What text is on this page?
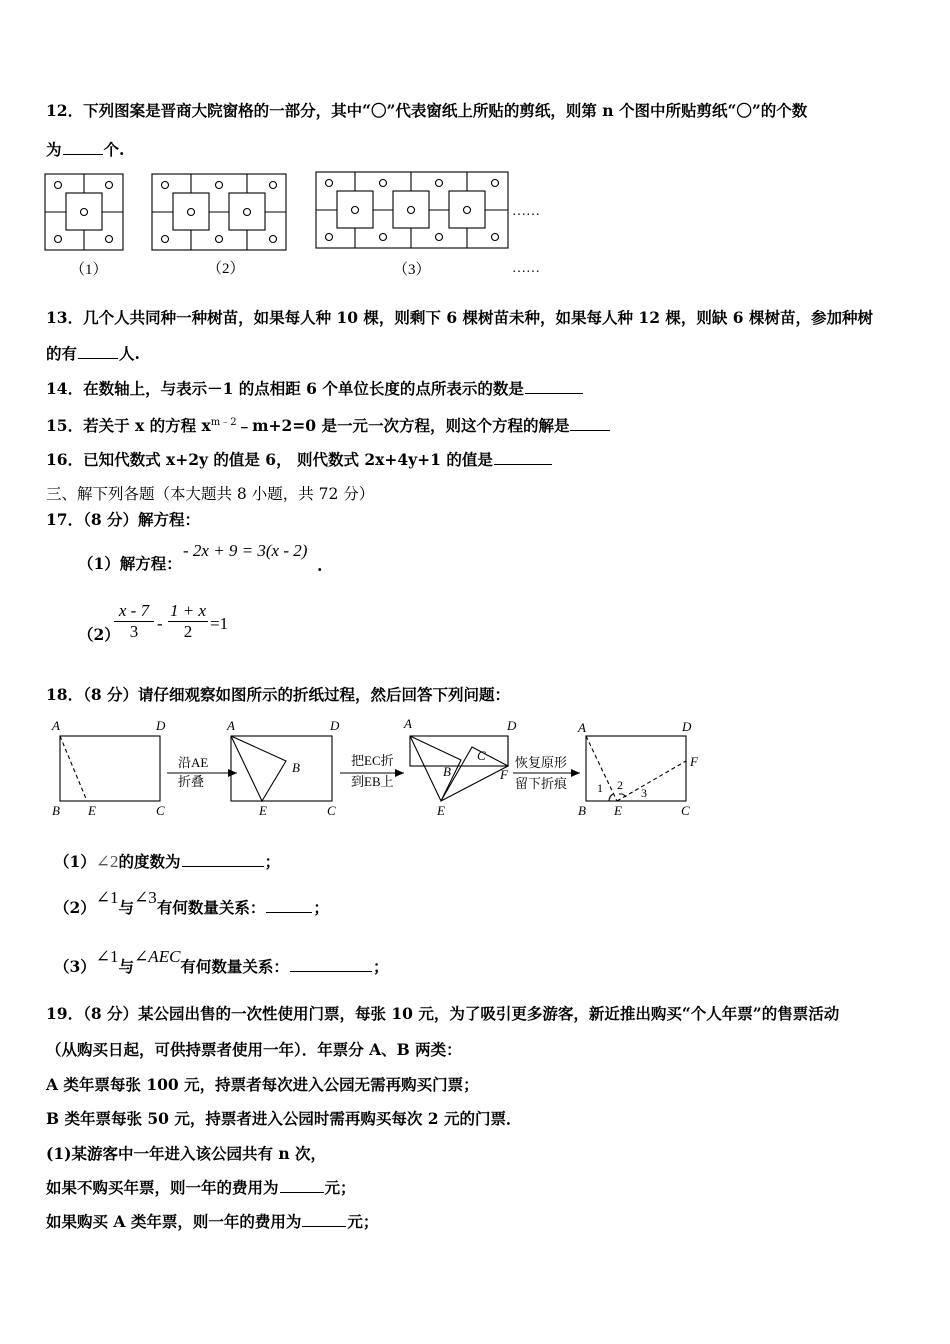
12．下列图案是晋商大院窗格的一部分，其中“〇”代表窗纸上所贴的剪纸，则第 n 个图中所贴剪纸“〇”的个数
为	个.
（1）	（2）	（3）
……
……
13．几个人共同种一种树苗，如果每人种 10 棵，则剩下 6 棵树苗未种，如果每人种 12 棵，则缺 6 棵树苗，参加种树
的有	人.
14．在数轴上，与表示－1 的点相距 6 个单位长度的点所表示的数是
15．若关于 x 的方程 $x^{m﹣2}﹣m+2=0$ 是一元一次方程，则这个方程的解是
16．已知代数式 x+2y 的值是 6， 则代数式 2x+4y+1 的值是
三、解下列各题（本大题共 8 小题，共 72 分）
17．（8 分）解方程：
（1）解方程：
- 2x + 9 = 3(x - 2)
.
（2）
x - 7
3	-
1 + x
2	=1
18．（8 分）请仔细观察如图所示的折纸过程，然后回答下列问题：
A	D
B E	C
A	D
B
E	C
A	D
B
C
F
E
A	D
F
B E	C
1 2
3
沿AE
折叠
把EC折
到EB上
恢复原形
留下折痕
（1）∠2的度数为	；
（2）∠1与∠3有何数量关系：	；
（3）∠1与∠AEC有何数量关系：	；
19．（8 分）某公园出售的一次性使用门票，每张 10 元，为了吸引更多游客，新近推出购买“个人年票”的售票活动
（从购买日起，可供持票者使用一年）．年票分 A、B 两类：
A 类年票每张 100 元，持票者每次进入公园无需再购买门票；
B 类年票每张 50 元，持票者进入公园时需再购买每次 2 元的门票．
(1)某游客中一年进入该公园共有 n 次，
如果不购买年票，则一年的费用为	元；
如果购买 A 类年票，则一年的费用为	元；
